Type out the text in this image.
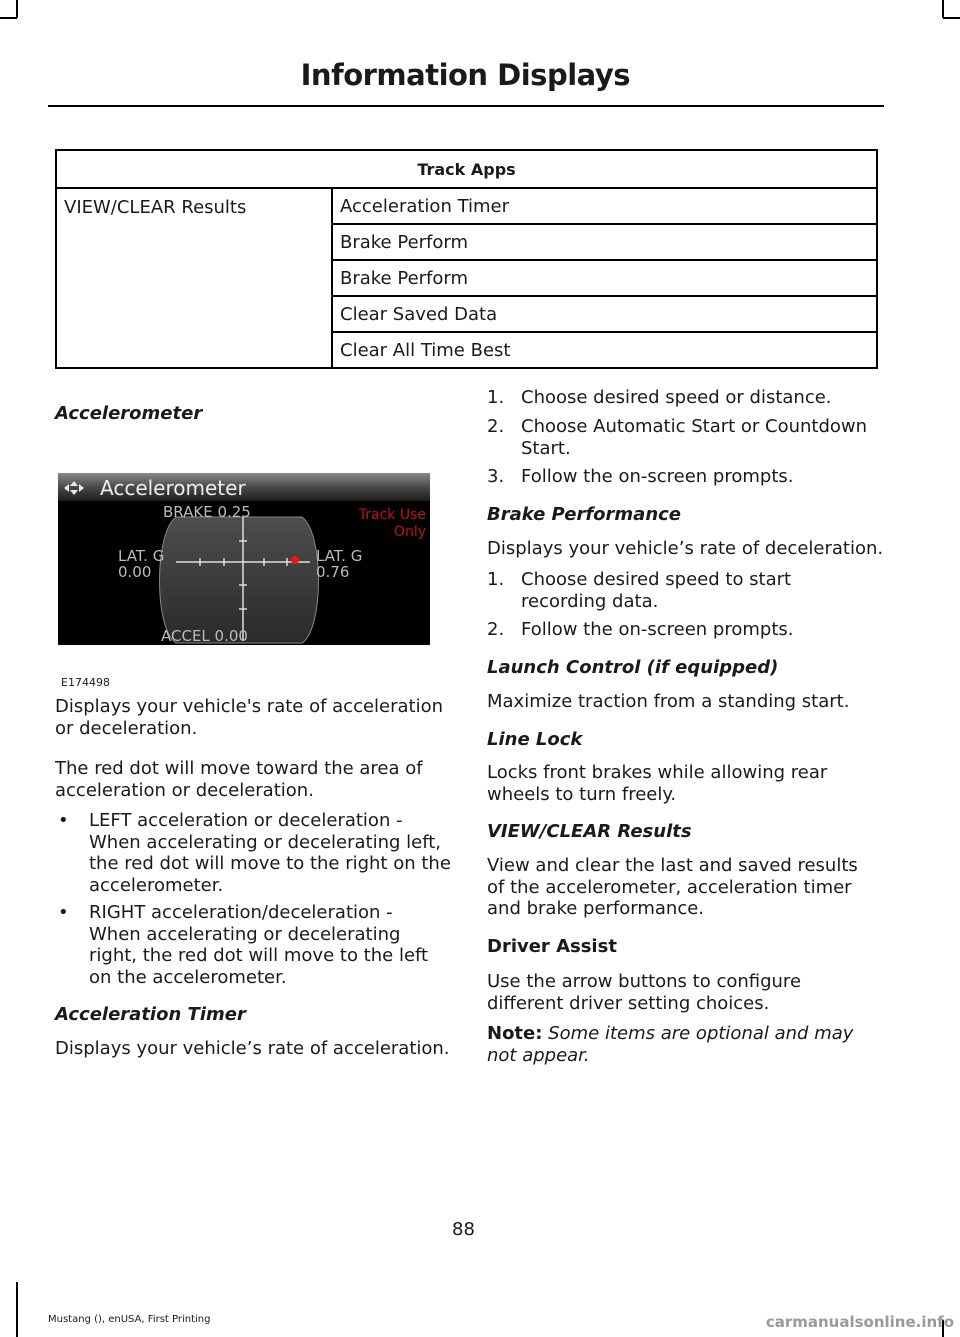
Information Displays
Track Apps
VIEW/CLEAR Results	Acceleration Timer
Brake Perform
Brake Perform
Clear Saved Data
Clear All Time Best
Accelerometer
Accelerometer
BRAKE 0.25	Track Use
Only
LAT. G
0.00
LAT. G
0.76
ACCEL 0.00
E174498
Displays your vehicle's rate of acceleration
or deceleration.
The red dot will move toward the area of
acceleration or deceleration.
• LEFT acceleration or deceleration -
When accelerating or decelerating left,
the red dot will move to the right on the
accelerometer.
• RIGHT acceleration/deceleration -
When accelerating or decelerating
right, the red dot will move to the left
on the accelerometer.
Acceleration Timer
Displays your vehicle’s rate of acceleration.
1. Choose desired speed or distance.
2. Choose Automatic Start or Countdown
Start.
3. Follow the on-screen prompts.
Brake Performance
Displays your vehicle’s rate of deceleration.
1. Choose desired speed to start
recording data.
2. Follow the on-screen prompts.
Launch Control (if equipped)
Maximize traction from a standing start.
Line Lock
Locks front brakes while allowing rear
wheels to turn freely.
VIEW/CLEAR Results
View and clear the last and saved results
of the accelerometer, acceleration timer
and brake performance.
Driver Assist
Use the arrow buttons to configure
different driver setting choices.
Note: Some items are optional and may
not appear.
88
Mustang (), enUSA, First Printing	carmanualsonline.info
